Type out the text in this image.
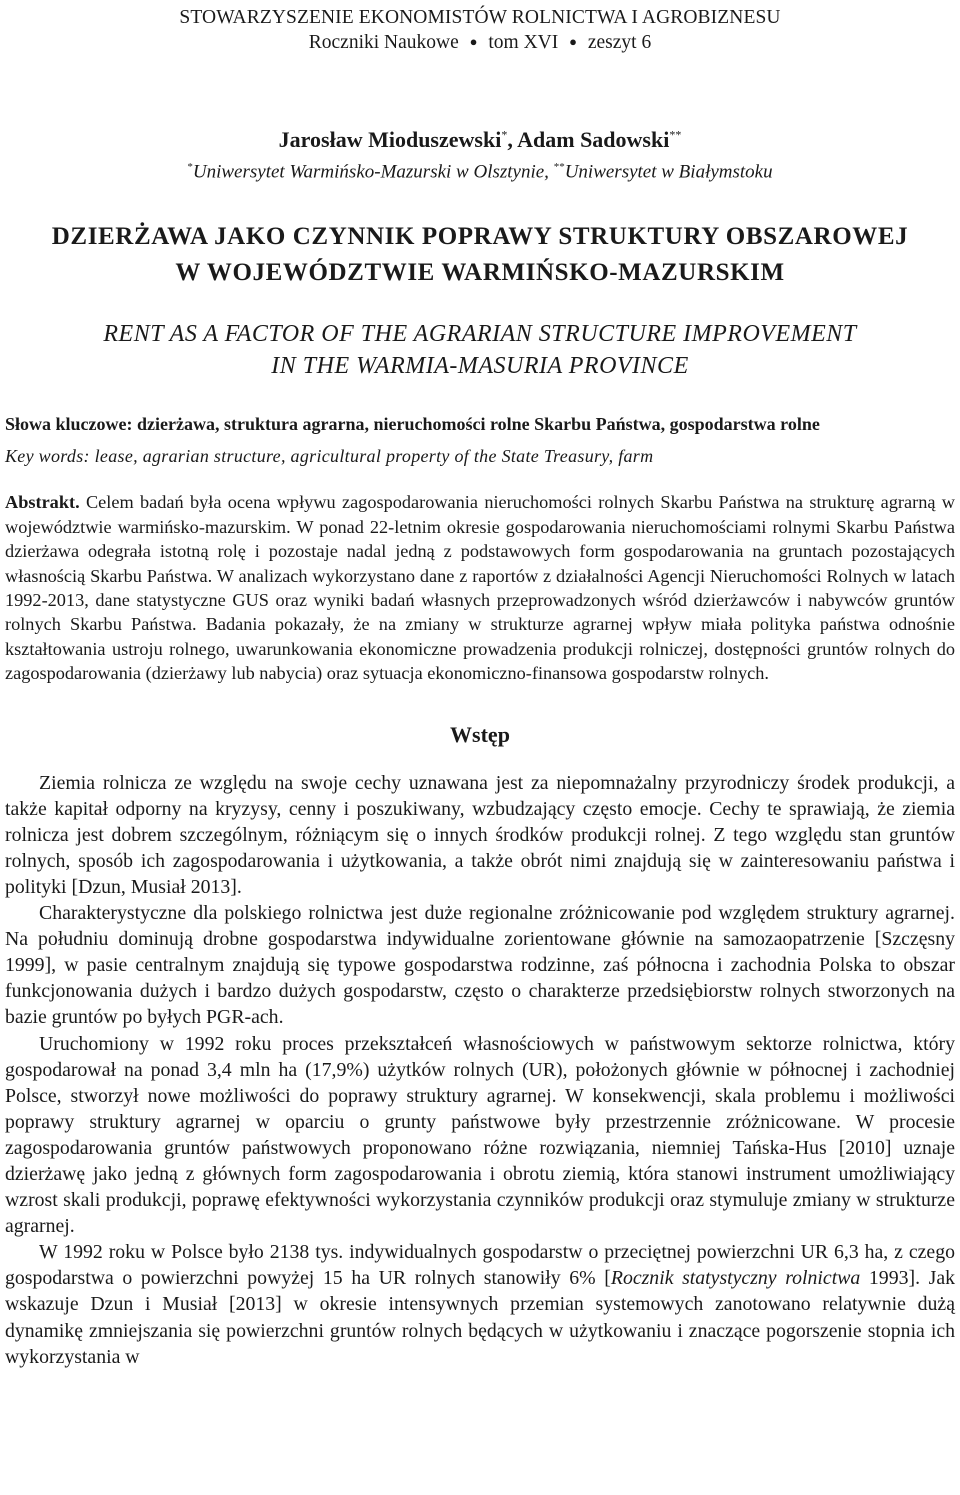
STOWARZYSZENIE EKONOMISTÓW ROLNICTWA I AGROBIZNESU
Roczniki Naukowe ● tom XVI ● zeszyt 6
Jarosław Mioduszewski*, Adam Sadowski**
*Uniwersytet Warmińsko-Mazurski w Olsztynie, **Uniwersytet w Białymstoku
DZIERŻAWA JAKO CZYNNIK POPRAWY STRUKTURY OBSZAROWEJ
W WOJEWÓDZTWIE WARMIŃSKO-MAZURSKIM
RENT AS A FACTOR OF THE AGRARIAN STRUCTURE IMPROVEMENT
IN THE WARMIA-MASURIA PROVINCE
Słowa kluczowe: dzierżawa, struktura agrarna, nieruchomości rolne Skarbu Państwa, gospodarstwa rolne
Key words: lease, agrarian structure, agricultural property of the State Treasury, farm
Abstrakt. Celem badań była ocena wpływu zagospodarowania nieruchomości rolnych Skarbu Państwa na strukturę agrarną w województwie warmińsko-mazurskim. W ponad 22-letnim okresie gospodarowania nieruchomościami rolnymi Skarbu Państwa dzierżawa odegrała istotną rolę i pozostaje nadal jedną z podstawowych form gospodarowania na gruntach pozostających własnością Skarbu Państwa. W analizach wykorzystano dane z raportów z działalności Agencji Nieruchomości Rolnych w latach 1992-2013, dane statystyczne GUS oraz wyniki badań własnych przeprowadzonych wśród dzierżawców i nabywców gruntów rolnych Skarbu Państwa. Badania pokazały, że na zmiany w strukturze agrarnej wpływ miała polityka państwa odnośnie kształtowania ustroju rolnego, uwarunkowania ekonomiczne prowadzenia produkcji rolniczej, dostępności gruntów rolnych do zagospodarowania (dzierżawy lub nabycia) oraz sytuacja ekonomiczno-finansowa gospodarstw rolnych.
Wstęp

Ziemia rolnicza ze względu na swoje cechy uznawana jest za niepomnażalny przyrodniczy środek produkcji, a także kapitał odporny na kryzysy, cenny i poszukiwany, wzbudzający często emocje. Cechy te sprawiają, że ziemia rolnicza jest dobrem szczególnym, różniącym się o innych środków produkcji rolnej. Z tego względu stan gruntów rolnych, sposób ich zagospodarowania i użytkowania, a także obrót nimi znajdują się w zainteresowaniu państwa i polityki [Dzun, Musiał 2013].

Charakterystyczne dla polskiego rolnictwa jest duże regionalne zróżnicowanie pod względem struktury agrarnej. Na południu dominują drobne gospodarstwa indywidualne zorientowane głównie na samozaopatrzenie [Szczęsny 1999], w pasie centralnym znajdują się typowe gospodarstwa rodzinne, zaś północna i zachodnia Polska to obszar funkcjonowania dużych i bardzo dużych gospodarstw, często o charakterze przedsiębiorstw rolnych stworzonych na bazie gruntów po byłych PGR-ach.

Uruchomiony w 1992 roku proces przekształceń własnościowych w państwowym sektorze rolnictwa, który gospodarował na ponad 3,4 mln ha (17,9%) użytków rolnych (UR), położonych głównie w północnej i zachodniej Polsce, stworzył nowe możliwości do poprawy struktury agrarnej. W konsekwencji, skala problemu i możliwości poprawy struktury agrarnej w oparciu o grunty państwowe były przestrzennie zróżnicowane. W procesie zagospodarowania gruntów państwowych proponowano różne rozwiązania, niemniej Tańska-Hus [2010] uznaje dzierżawę jako jedną z głównych form zagospodarowania i obrotu ziemią, która stanowi instrument umożliwiający wzrost skali produkcji, poprawę efektywności wykorzystania czynników produkcji oraz stymuluje zmiany w strukturze agrarnej.

W 1992 roku w Polsce było 2138 tys. indywidualnych gospodarstw o przeciętnej powierzchni UR 6,3 ha, z czego gospodarstwa o powierzchni powyżej 15 ha UR rolnych stanowiły 6% [Rocznik statystyczny rolnictwa 1993]. Jak wskazuje Dzun i Musiał [2013] w okresie intensywnych przemian systemowych zanotowano relatywnie dużą dynamikę zmniejszania się powierzchni gruntów rolnych będących w użytkowaniu i znaczące pogorszenie stopnia ich wykorzystania w
